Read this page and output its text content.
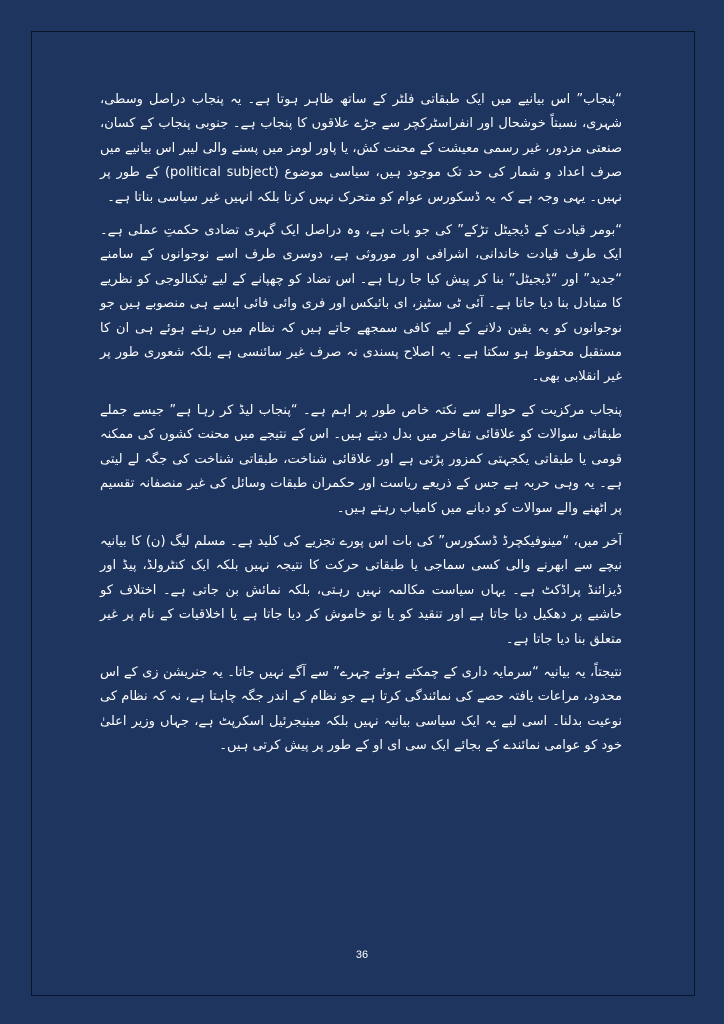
“پنجاب” اس بیانیے میں ایک طبقاتی فلٹر کے ساتھ ظاہر ہوتا ہے۔ یہ پنجاب دراصل وسطی، شہری، نسبتاً خوشحال اور انفراسٹرکچر سے جڑے علاقوں کا پنجاب ہے۔ جنوبی پنجاب کے کسان، صنعتی مزدور، غیر رسمی معیشت کے محنت کش، یا پاور لومز میں پسنے والی لیبر اس بیانیے میں صرف اعداد و شمار کی حد تک موجود ہیں، سیاسی موضوع (political subject) کے طور پر نہیں۔ یہی وجہ ہے کہ یہ ڈسکورس عوام کو متحرک نہیں کرتا بلکہ انہیں غیر سیاسی بناتا ہے۔

“بومر قیادت کے ڈیجیٹل تڑکے” کی جو بات ہے، وہ دراصل ایک گہری تضادی حکمتِ عملی ہے۔ ایک طرف قیادت خاندانی، اشرافی اور موروثی ہے، دوسری طرف اسے نوجوانوں کے سامنے “جدید” اور “ڈیجیٹل” بنا کر پیش کیا جا رہا ہے۔ اس تضاد کو چھپانے کے لیے ٹیکنالوجی کو نظریے کا متبادل بنا دیا جاتا ہے۔ آئی ٹی سٹیز، ای بائیکس اور فری وائی فائی ایسے ہی منصوبے ہیں جو نوجوانوں کو یہ یقین دلانے کے لیے کافی سمجھے جاتے ہیں کہ نظام میں رہتے ہوئے ہی ان کا مستقبل محفوظ ہو سکتا ہے۔ یہ اصلاح پسندی نہ صرف غیر سائنسی ہے بلکہ شعوری طور پر غیر انقلابی بھی۔

پنجاب مرکزیت کے حوالے سے نکتہ خاص طور پر اہم ہے۔ “پنجاب لیڈ کر رہا ہے” جیسے جملے طبقاتی سوالات کو علاقائی تفاخر میں بدل دیتے ہیں۔ اس کے نتیجے میں محنت کشوں کی ممکنہ قومی یا طبقاتی یکجہتی کمزور پڑتی ہے اور علاقائی شناخت، طبقاتی شناخت کی جگہ لے لیتی ہے۔ یہ وہی حربہ ہے جس کے ذریعے ریاست اور حکمران طبقات وسائل کی غیر منصفانہ تقسیم پر اٹھنے والے سوالات کو دبانے میں کامیاب رہتے ہیں۔

آخر میں، “مینوفیکچرڈ ڈسکورس” کی بات اس پورے تجزیے کی کلید ہے۔ مسلم لیگ (ن) کا بیانیہ نیچے سے ابھرنے والی کسی سماجی یا طبقاتی حرکت کا نتیجہ نہیں بلکہ ایک کنٹرولڈ، پیڈ اور ڈیزائنڈ پراڈکٹ ہے۔ یہاں سیاست مکالمہ نہیں رہتی، بلکہ نمائش بن جاتی ہے۔ اختلاف کو حاشیے پر دھکیل دیا جاتا ہے اور تنقید کو یا تو خاموش کر دیا جاتا ہے یا اخلاقیات کے نام پر غیر متعلق بنا دیا جاتا ہے۔

نتیجتاً، یہ بیانیہ “سرمایہ داری کے چمکتے ہوئے چہرے” سے آگے نہیں جاتا۔ یہ جنریشن زی کے اس محدود، مراعات یافتہ حصے کی نمائندگی کرتا ہے جو نظام کے اندر جگہ چاہتا ہے، نہ کہ نظام کی نوعیت بدلنا۔ اسی لیے یہ ایک سیاسی بیانیہ نہیں بلکہ مینیجرئیل اسکرپٹ ہے، جہاں وزیر اعلیٰ خود کو عوامی نمائندے کے بجائے ایک سی ای او کے طور پر پیش کرتی ہیں۔

36
